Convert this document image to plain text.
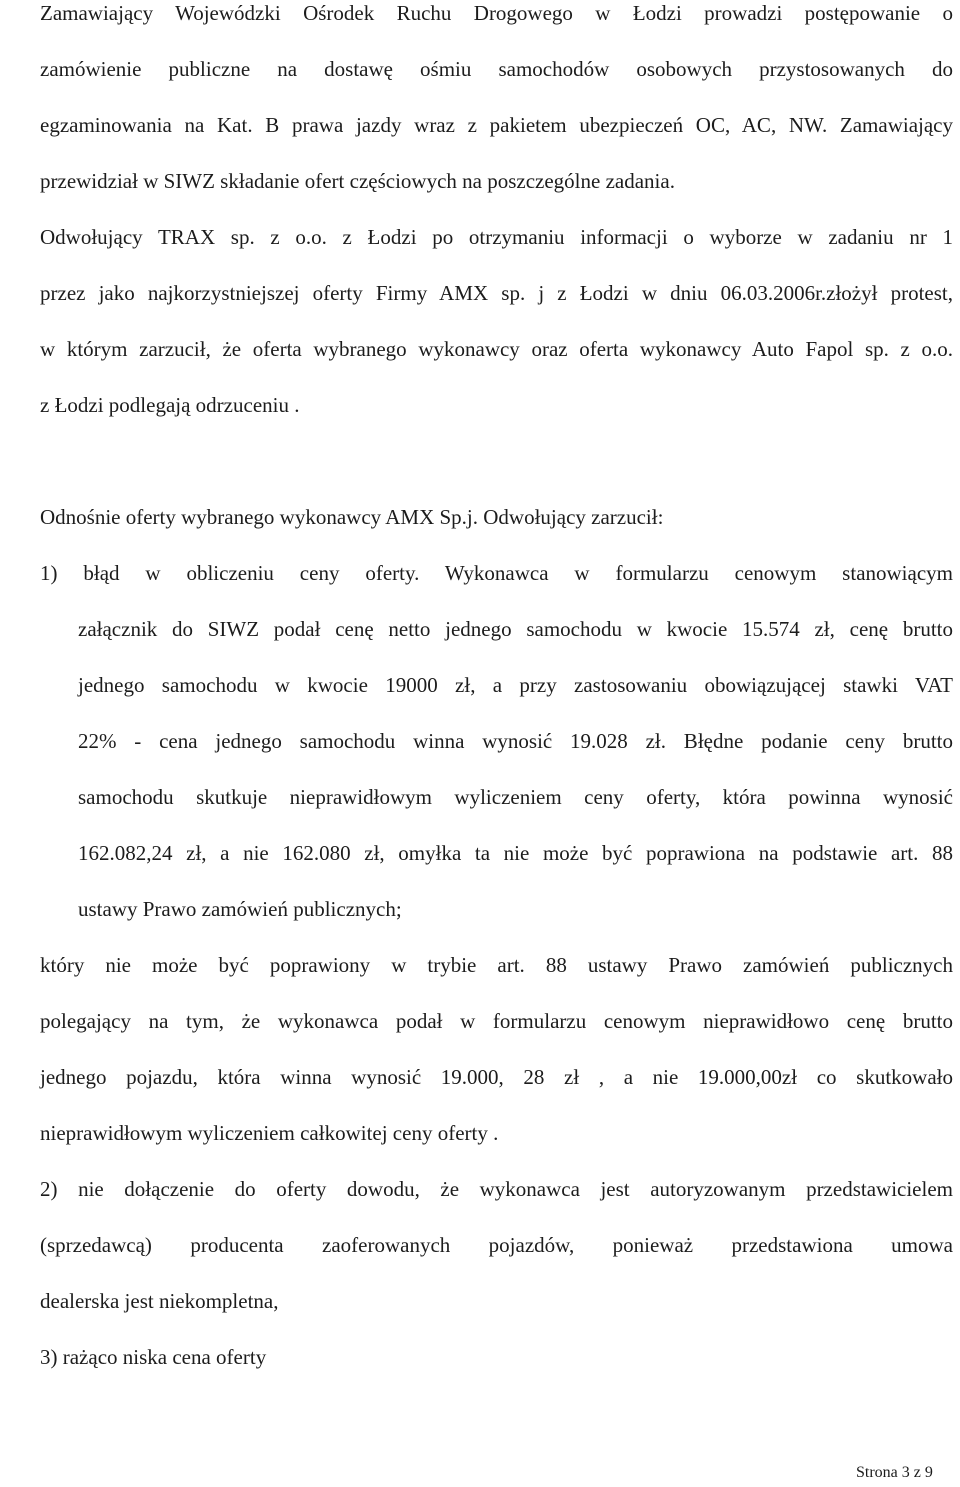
Zamawiający Wojewódzki Ośrodek Ruchu Drogowego w Łodzi prowadzi postępowanie o
zamówienie publiczne na dostawę ośmiu samochodów osobowych przystosowanych do
egzaminowania na Kat. B prawa jazdy wraz z pakietem ubezpieczeń OC, AC, NW. Zamawiający
przewidział w SIWZ składanie ofert częściowych na poszczególne zadania.
Odwołujący TRAX sp. z o.o. z Łodzi po otrzymaniu informacji o wyborze w zadaniu nr 1
przez jako najkorzystniejszej oferty Firmy AMX sp. j z Łodzi w dniu 06.03.2006r.złożył protest,
w którym zarzucił, że oferta wybranego wykonawcy oraz oferta wykonawcy Auto Fapol sp. z o.o.
z Łodzi podlegają odrzuceniu .
Odnośnie oferty wybranego wykonawcy AMX Sp.j. Odwołujący zarzucił:
1) błąd w obliczeniu ceny oferty. Wykonawca w formularzu cenowym stanowiącym
załącznik do SIWZ podał cenę netto jednego samochodu w kwocie 15.574 zł, cenę brutto
jednego samochodu w kwocie 19000 zł, a przy zastosowaniu obowiązującej stawki VAT
22% - cena jednego samochodu winna wynosić 19.028 zł. Błędne podanie ceny brutto
samochodu skutkuje nieprawidłowym wyliczeniem ceny oferty, która powinna wynosić
162.082,24 zł, a nie 162.080 zł, omyłka ta nie może być poprawiona na podstawie art. 88
ustawy Prawo zamówień publicznych;
który nie może być poprawiony w trybie art. 88 ustawy Prawo zamówień publicznych
polegający na tym, że wykonawca podał w formularzu cenowym nieprawidłowo cenę brutto
jednego pojazdu, która winna wynosić 19.000, 28 zł , a nie 19.000,00zł co skutkowało
nieprawidłowym wyliczeniem całkowitej ceny oferty .
2) nie dołączenie do oferty dowodu, że wykonawca jest autoryzowanym przedstawicielem
(sprzedawcą) producenta zaoferowanych pojazdów, ponieważ przedstawiona umowa
dealerska jest niekompletna,
3) rażąco niska cena oferty
Strona 3 z 9
